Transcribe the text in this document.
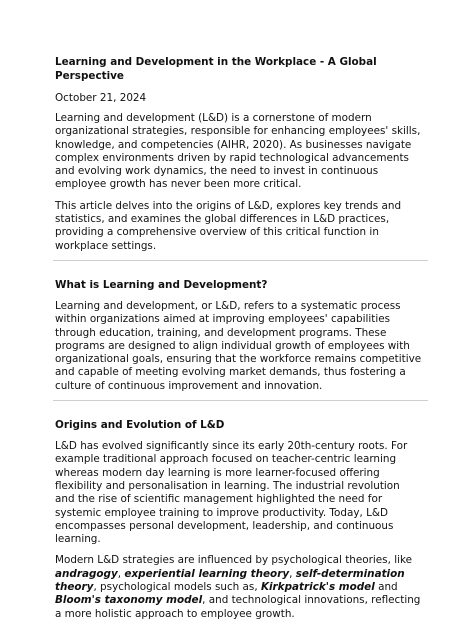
Learning and Development in the Workplace - A Global Perspective
October 21, 2024

Learning and development (L&D) is a cornerstone of modern organizational strategies, responsible for enhancing employees' skills, knowledge, and competencies (AIHR, 2020). As businesses navigate complex environments driven by rapid technological advancements and evolving work dynamics, the need to invest in continuous employee growth has never been more critical.

This article delves into the origins of L&D, explores key trends and statistics, and examines the global differences in L&D practices, providing a comprehensive overview of this critical function in workplace settings.

What is Learning and Development?

Learning and development, or L&D, refers to a systematic process within organizations aimed at improving employees' capabilities through education, training, and development programs. These programs are designed to align individual growth of employees with organizational goals, ensuring that the workforce remains competitive and capable of meeting evolving market demands, thus fostering a culture of continuous improvement and innovation.

Origins and Evolution of L&D

L&D has evolved significantly since its early 20th-century roots. For example traditional approach focused on teacher-centric learning whereas modern day learning is more learner-focused offering flexibility and personalisation in learning. The industrial revolution and the rise of scientific management highlighted the need for systemic employee training to improve productivity. Today, L&D encompasses personal development, leadership, and continuous learning.

Modern L&D strategies are influenced by psychological theories, like andragogy, experiential learning theory, self-determination theory, psychological models such as, Kirkpatrick's model and Bloom's taxonomy model, and technological innovations, reflecting a more holistic approach to employee growth.
